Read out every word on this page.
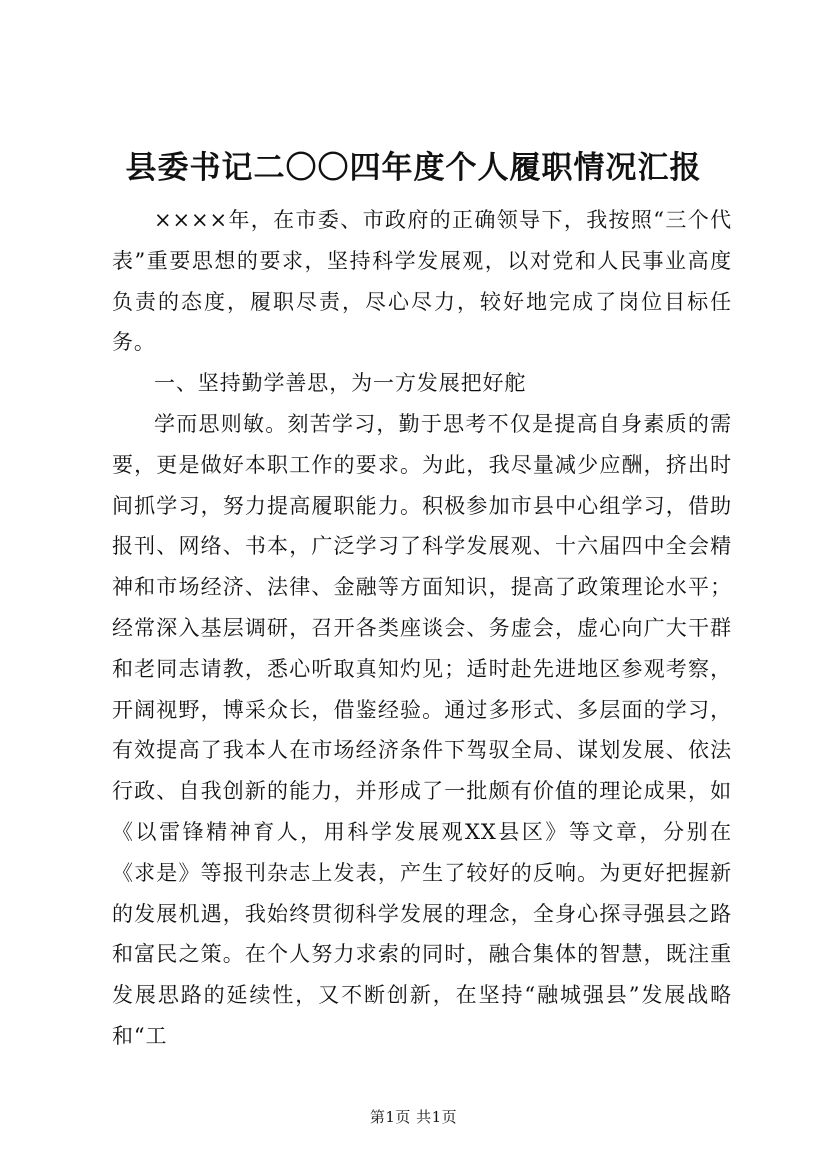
县委书记二〇〇四年度个人履职情况汇报

××××年，在市委、市政府的正确领导下，我按照“三个代表”重要思想的要求，坚持科学发展观，以对党和人民事业高度负责的态度，履职尽责，尽心尽力，较好地完成了岗位目标任务。

一、坚持勤学善思，为一方发展把好舵

学而思则敏。刻苦学习，勤于思考不仅是提高自身素质的需要，更是做好本职工作的要求。为此，我尽量减少应酬，挤出时间抓学习，努力提高履职能力。积极参加市县中心组学习，借助报刊、网络、书本，广泛学习了科学发展观、十六届四中全会精神和市场经济、法律、金融等方面知识，提高了政策理论水平；经常深入基层调研，召开各类座谈会、务虚会，虚心向广大干群和老同志请教，悉心听取真知灼见；适时赴先进地区参观考察，开阔视野，博采众长，借鉴经验。通过多形式、多层面的学习，有效提高了我本人在市场经济条件下驾驭全局、谋划发展、依法行政、自我创新的能力，并形成了一批颇有价值的理论成果，如《以雷锋精神育人，用科学发展观XX县区》等文章，分别在《求是》等报刊杂志上发表，产生了较好的反响。为更好把握新的发展机遇，我始终贯彻科学发展的理念，全身心探寻强县之路和富民之策。在个人努力求索的同时，融合集体的智慧，既注重发展思路的延续性，又不断创新，在坚持“融城强县”发展战略和“工

第1页 共1页
